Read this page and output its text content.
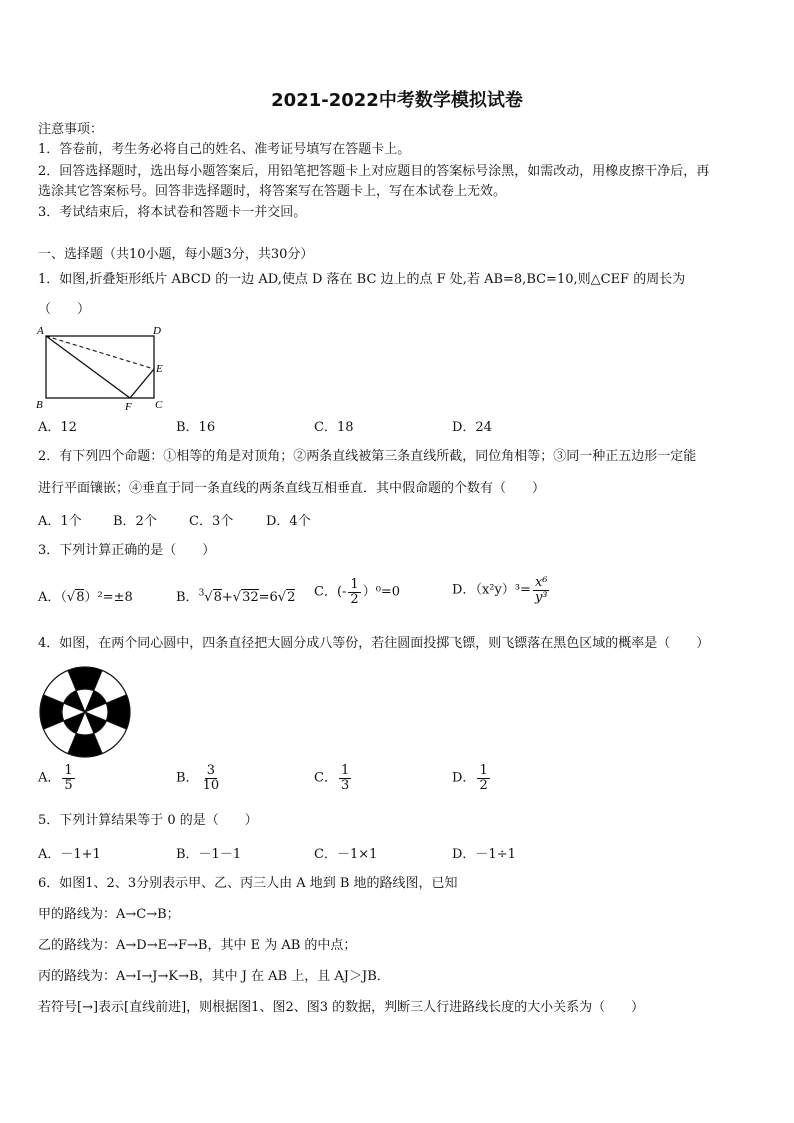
2021-2022中考数学模拟试卷
注意事项：
1．答卷前，考生务必将自己的姓名、准考证号填写在答题卡上。
2．回答选择题时，选出每小题答案后，用铅笔把答题卡上对应题目的答案标号涂黑，如需改动，用橡皮擦干净后，再
选涂其它答案标号。回答非选择题时，将答案写在答题卡上，写在本试卷上无效。
3．考试结束后，将本试卷和答题卡一并交回。
一、选择题（共10小题，每小题3分，共30分）
1．如图,折叠矩形纸片 ABCD 的一边 AD,使点 D 落在 BC 边上的点 F 处,若 AB=8,BC=10,则△CEF 的周长为
（　　）
A	D
E
B	F C
A．12	B．16	C．18	D．24
2．有下列四个命题：①相等的角是对顶角；②两条直线被第三条直线所截，同位角相等；③同一种正五边形一定能
进行平面镶嵌；④垂直于同一条直线的两条直线互相垂直．其中假命题的个数有（　　）
A．1个 B．2个 C．3个	D．4个
3．下列计算正确的是（　　）
A．（√8）²=±8	B．$^3$√8+√32=6√2 C．(- $\frac{1}{2} )^0=0$	D．$(x^2y)^3= \frac{\text{x⁶}}{\text{y³}}$
4．如图，在两个同心圆中，四条直径把大圆分成八等份，若往圆面投掷飞镖，则飞镖落在黑色区域的概率是（　　）
A． $\frac{1}{5}$	B． $\frac{3}{10}$	C． $\frac{1}{3}$	D． $\frac{1}{2}$
5．下列计算结果等于 0 的是（　　）
A．－1+1	B．－1－1	C．－1×1	D．－1÷1
6．如图1、2、3分别表示甲、乙、丙三人由 A 地到 B 地的路线图，已知
甲的路线为：A→C→B；
乙的路线为：A→D→E→F→B，其中 E 为 AB 的中点；
丙的路线为：A→I→J→K→B，其中 J 在 AB 上，且 AJ＞JB．
若符号[→]表示[直线前进]，则根据图1、图2、图3 的数据，判断三人行进路线长度的大小关系为（　　）
